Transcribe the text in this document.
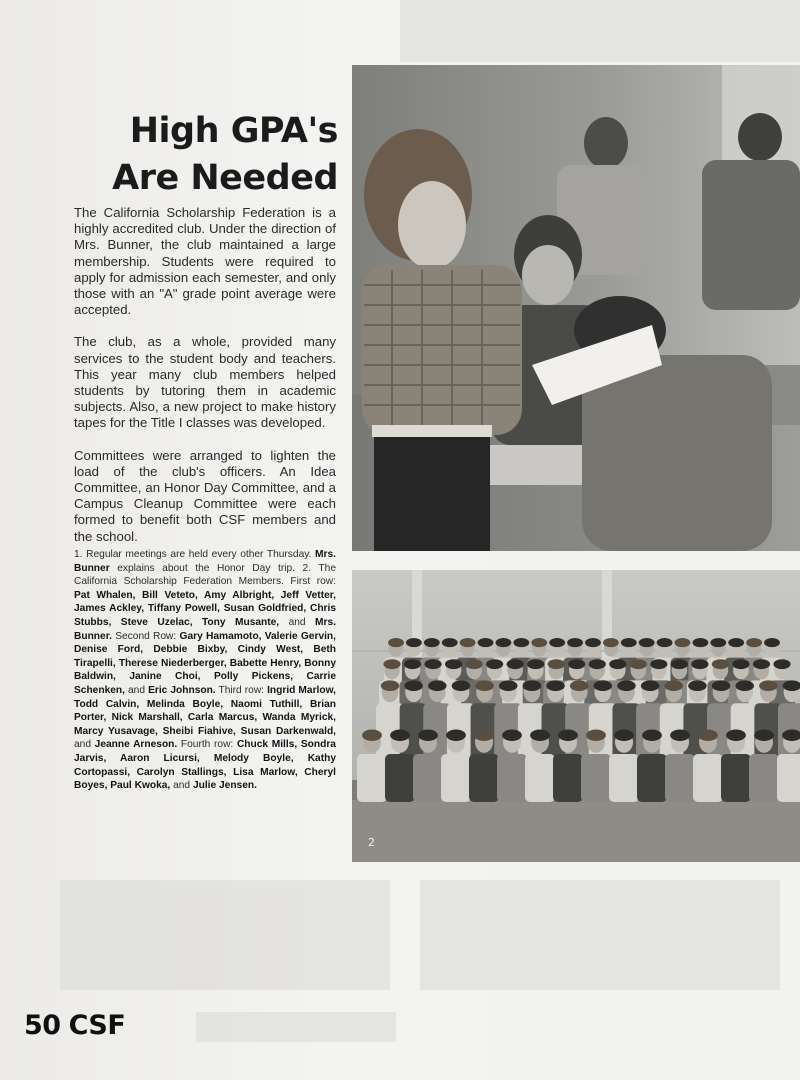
High GPA's
Are Needed

The California Scholarship Federation is a highly accredited club. Under the direction of Mrs. Bunner, the club maintained a large membership. Students were required to apply for admission each semester, and only those with an "A" grade point average were accepted.

The club, as a whole, provided many services to the student body and teachers. This year many club members helped students by tutoring them in academic subjects. Also, a new project to make history tapes for the Title I classes was developed.

Committees were arranged to lighten the load of the club's officers. An Idea Committee, an Honor Day Committee, and a Campus Cleanup Committee were each formed to benefit both CSF members and the school.

1. Regular meetings are held every other Thursday. Mrs. Bunner explains about the Honor Day trip. 2. The California Scholarship Federation Members. First row: Pat Whalen, Bill Veteto, Amy Albright, Jeff Vetter, James Ackley, Tiffany Powell, Susan Goldfried, Chris Stubbs, Steve Uzelac, Tony Musante, and Mrs. Bunner. Second Row: Gary Hamamoto, Valerie Gervin, Denise Ford, Debbie Bixby, Cindy West, Beth Tirapelli, Therese Niederberger, Babette Henry, Bonny Baldwin, Janine Choi, Polly Pickens, Carrie Schenken, and Eric Johnson. Third row: Ingrid Marlow, Todd Calvin, Melinda Boyle, Naomi Tuthill, Brian Porter, Nick Marshall, Carla Marcus, Wanda Myrick, Marcy Yusavage, Sheibi Fiahive, Susan Darkenwald, and Jeanne Arneson. Fourth row: Chuck Mills, Sondra Jarvis, Aaron Licursi, Melody Boyle, Kathy Cortopassi, Carolyn Stallings, Lisa Marlow, Cheryl Boyes, Paul Kwoka, and Julie Jensen.
2
50 CSF
